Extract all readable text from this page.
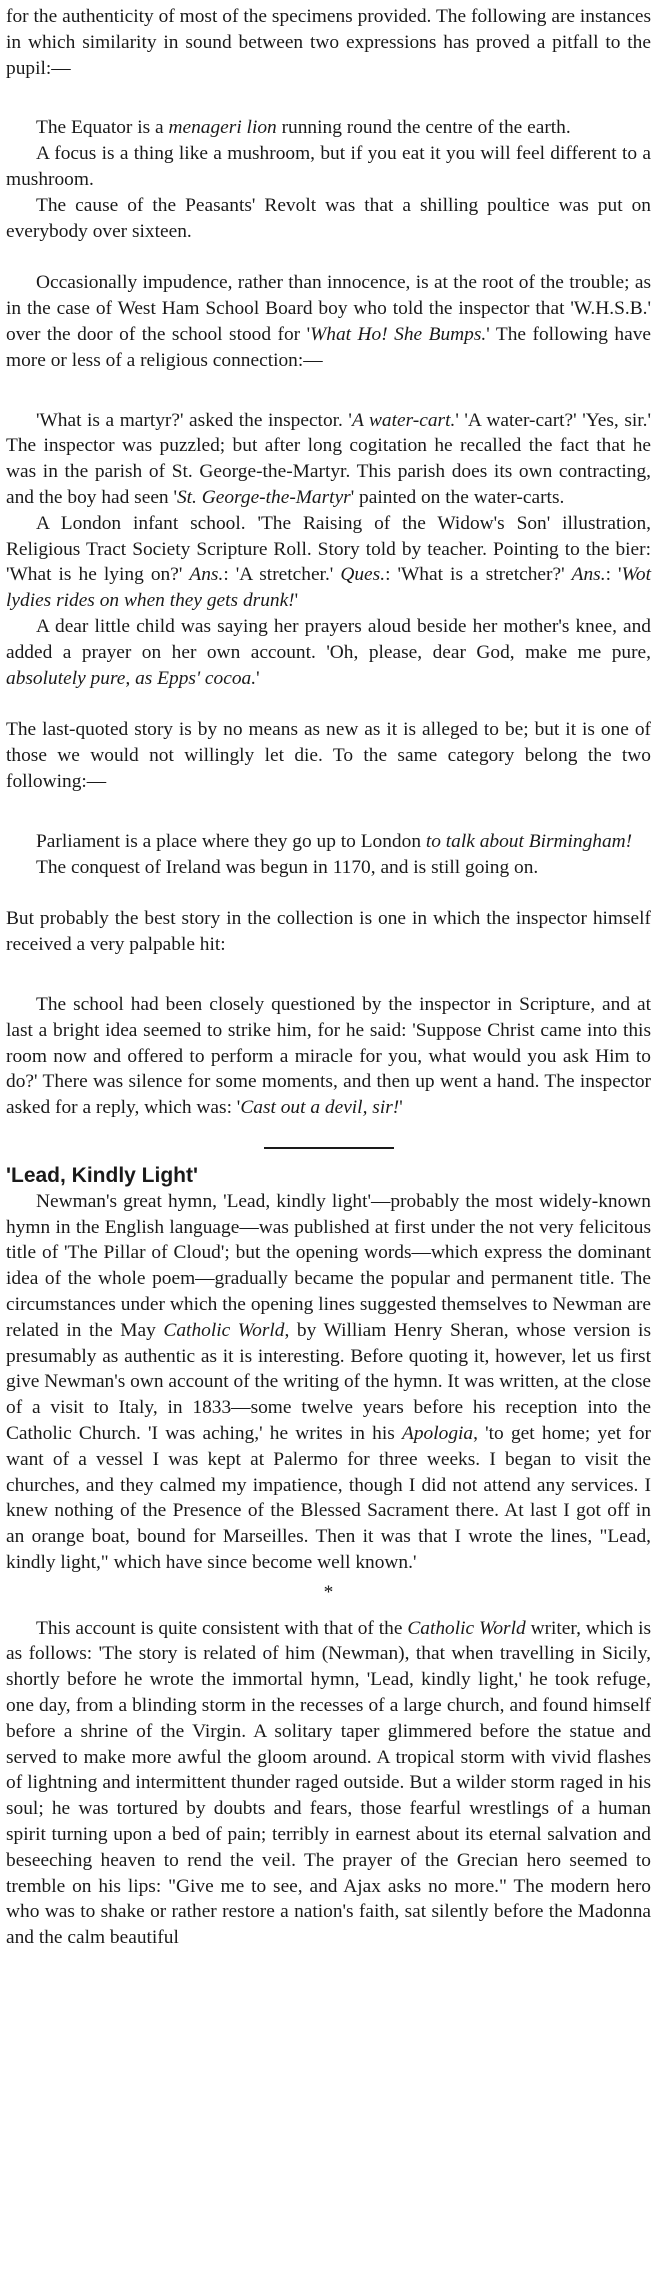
for the authenticity of most of the specimens provided. The following are instances in which similarity in sound between two expressions has proved a pitfall to the pupil:—

The Equator is a menageri lion running round the centre of the earth.

A focus is a thing like a mushroom, but if you eat it you will feel different to a mushroom.

The cause of the Peasants' Revolt was that a shilling poultice was put on everybody over sixteen.

Occasionally impudence, rather than innocence, is at the root of the trouble; as in the case of West Ham School Board boy who told the inspector that 'W.H.S.B.' over the door of the school stood for 'What Ho! She Bumps.' The following have more or less of a religious connection:—

'What is a martyr?' asked the inspector. 'A water-cart.' 'A water-cart?' 'Yes, sir.' The inspector was puzzled; but after long cogitation he recalled the fact that he was in the parish of St. George-the-Martyr. This parish does its own contracting, and the boy had seen 'St. George-the-Martyr' painted on the water-carts.

A London infant school. 'The Raising of the Widow's Son' illustration, Religious Tract Society Scripture Roll. Story told by teacher. Pointing to the bier: 'What is he lying on?' Ans.: 'A stretcher.' Ques.: 'What is a stretcher?' Ans.: 'Wot lydies rides on when they gets drunk!'

A dear little child was saying her prayers aloud beside her mother's knee, and added a prayer on her own account. 'Oh, please, dear God, make me pure, absolutely pure, as Epps' cocoa.'

The last-quoted story is by no means as new as it is alleged to be; but it is one of those we would not willingly let die. To the same category belong the two following:—

Parliament is a place where they go up to London to talk about Birmingham!

The conquest of Ireland was begun in 1170, and is still going on.

But probably the best story in the collection is one in which the inspector himself received a very palpable hit:

The school had been closely questioned by the inspector in Scripture, and at last a bright idea seemed to strike him, for he said: 'Suppose Christ came into this room now and offered to perform a miracle for you, what would you ask Him to do?' There was silence for some moments, and then up went a hand. The inspector asked for a reply, which was: 'Cast out a devil, sir!'

'Lead, Kindly Light'

Newman's great hymn, 'Lead, kindly light'—probably the most widely-known hymn in the English language—was published at first under the not very felicitous title of 'The Pillar of Cloud'; but the opening words—which express the dominant idea of the whole poem—gradually became the popular and permanent title. The circumstances under which the opening lines suggested themselves to Newman are related in the May Catholic World, by William Henry Sheran, whose version is presumably as authentic as it is interesting. Before quoting it, however, let us first give Newman's own account of the writing of the hymn. It was written, at the close of a visit to Italy, in 1833—some twelve years before his reception into the Catholic Church. 'I was aching,' he writes in his Apologia, 'to get home; yet for want of a vessel I was kept at Palermo for three weeks. I began to visit the churches, and they calmed my impatience, though I did not attend any services. I knew nothing of the Presence of the Blessed Sacrament there. At last I got off in an orange boat, bound for Marseilles. Then it was that I wrote the lines, "Lead, kindly light," which have since become well known.'

*

This account is quite consistent with that of the Catholic World writer, which is as follows: 'The story is related of him (Newman), that when travelling in Sicily, shortly before he wrote the immortal hymn, 'Lead, kindly light,' he took refuge, one day, from a blinding storm in the recesses of a large church, and found himself before a shrine of the Virgin. A solitary taper glimmered before the statue and served to make more awful the gloom around. A tropical storm with vivid flashes of lightning and intermittent thunder raged outside. But a wilder storm raged in his soul; he was tortured by doubts and fears, those fearful wrestlings of a human spirit turning upon a bed of pain; terribly in earnest about its eternal salvation and beseeching heaven to rend the veil. The prayer of the Grecian hero seemed to tremble on his lips: "Give me to see, and Ajax asks no more." The modern hero who was to shake or rather restore a nation's faith, sat silently before the Madonna and the calm beautiful
